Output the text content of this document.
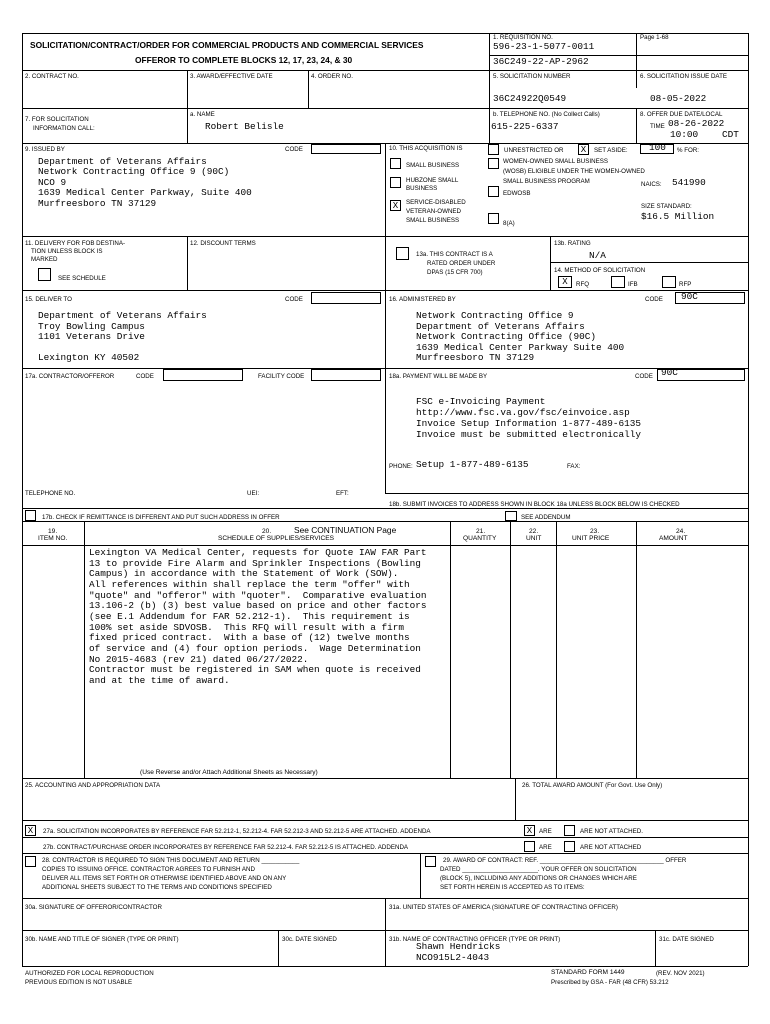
SOLICITATION/CONTRACT/ORDER FOR COMMERCIAL PRODUCTS AND COMMERCIAL SERVICES
OFFEROR TO COMPLETE BLOCKS 12, 17, 23, 24, & 30
1. REQUISITION NO.
596-23-1-5077-0011
Page 1-68
36C249-22-AP-2962
2. CONTRACT NO.	3. AWARD/EFFECTIVE DATE	4. ORDER NO.	5. SOLICITATION NUMBER
36C24922Q0549
6. SOLICITATION ISSUE DATE
08-05-2022
7. FOR SOLICITATION
INFORMATION CALL:
a. NAME
Robert Belisle
b. TELEPHONE NO. (No Collect Calls)
615-225-6337
8. OFFER DUE DATE/LOCAL
TIME 08-26-2022
10:00	CDT
9. ISSUED BY	CODE
Department of Veterans Affairs
Network Contracting Office 9 (90C)
NCO 9
1639 Medical Center Parkway, Suite 400
Murfreesboro TN 37129
10. THIS ACQUISITION IS	UNRESTRICTED OR	X	SET ASIDE: 100 % FOR:
SMALL BUSINESS
WOMEN-OWNED SMALL BUSINESS
(WOSB) ELIGIBLE UNDER THE WOMEN-OWNED
SMALL BUSINESS PROGRAM	NAICS: 541990
HUBZONE SMALL
BUSINESS
EDWOSB
X	SERVICE-DISABLED
VETERAN-OWNED
SMALL BUSINESS	8(A)
SIZE STANDARD:
$16.5 Million
11. DELIVERY FOR FOB DESTINA-
TION UNLESS BLOCK IS
MARKED
SEE SCHEDULE
12. DISCOUNT TERMS
13a. THIS CONTRACT IS A
RATED ORDER UNDER
DPAS (15 CFR 700)
13b. RATING
N/A
14. METHOD OF SOLICITATION
X	RFQ	IFB	RFP
15. DELIVER TO	CODE
Department of Veterans Affairs
Troy Bowling Campus
1101 Veterans Drive
Lexington KY 40502
16. ADMINISTERED BY	CODE 90C
Network Contracting Office 9
Department of Veterans Affairs
Network Contracting Office (90C)
1639 Medical Center Parkway Suite 400
Murfreesboro TN 37129
17a. CONTRACTOR/OFFEROR	CODE	FACILITY CODE	18a. PAYMENT WILL BE MADE BY	CODE 90C
FSC e-Invoicing Payment
http://www.fsc.va.gov/fsc/einvoice.asp
Invoice Setup Information 1-877-489-6135
Invoice must be submitted electronically
PHONE: Setup 1-877-489-6135	FAX:
TELEPHONE NO.	UEI:	EFT:
17b. CHECK IF REMITTANCE IS DIFFERENT AND PUT SUCH ADDRESS IN OFFER
18b. SUBMIT INVOICES TO ADDRESS SHOWN IN BLOCK 18a UNLESS BLOCK BELOW IS CHECKED
SEE ADDENDUM
19.
ITEM NO.
20.	See CONTINUATION Page
SCHEDULE OF SUPPLIES/SERVICES
21.
QUANTITY
22.
UNIT
23.
UNIT PRICE
24.
AMOUNT
Lexington VA Medical Center, requests for Quote IAW FAR Part
13 to provide Fire Alarm and Sprinkler Inspections (Bowling
Campus) in accordance with the Statement of Work (SOW).
All references within shall replace the term "offer" with
"quote" and "offeror" with "quoter".  Comparative evaluation
13.106-2 (b) (3) best value based on price and other factors
(see E.1 Addendum for FAR 52.212-1).  This requirement is
100% set aside SDVOSB.  This RFQ will result with a firm
fixed priced contract.  With a base of (12) twelve months
of service and (4) four option periods.  Wage Determination
No 2015-4683 (rev 21) dated 06/27/2022.
Contractor must be registered in SAM when quote is received
and at the time of award.
(Use Reverse and/or Attach Additional Sheets as Necessary)
25. ACCOUNTING AND APPROPRIATION DATA	26. TOTAL AWARD AMOUNT (For Govt. Use Only)
X	27a. SOLICITATION INCORPORATES BY REFERENCE FAR 52.212-1, 52.212-4. FAR 52.212-3 AND 52.212-5 ARE ATTACHED. ADDENDA	X	ARE	ARE NOT ATTACHED.
27b. CONTRACT/PURCHASE ORDER INCORPORATES BY REFERENCE FAR 52.212-4. FAR 52.212-5 IS ATTACHED. ADDENDA	ARE	ARE NOT ATTACHED
28. CONTRACTOR IS REQUIRED TO SIGN THIS DOCUMENT AND RETURN ___________
COPIES TO ISSUING OFFICE. CONTRACTOR AGREES TO FURNISH AND
DELIVER ALL ITEMS SET FORTH OR OTHERWISE IDENTIFIED ABOVE AND ON ANY
ADDITIONAL SHEETS SUBJECT TO THE TERMS AND CONDITIONS SPECIFIED
29. AWARD OF CONTRACT: REF. ____________________________________ OFFER
DATED ______________________. YOUR OFFER ON SOLICITATION
(BLOCK 5), INCLUDING ANY ADDITIONS OR CHANGES WHICH ARE
SET FORTH HEREIN IS ACCEPTED AS TO ITEMS:
30a. SIGNATURE OF OFFEROR/CONTRACTOR	31a. UNITED STATES OF AMERICA (SIGNATURE OF CONTRACTING OFFICER)
30b. NAME AND TITLE OF SIGNER (TYPE OR PRINT)	30c. DATE SIGNED	31b. NAME OF CONTRACTING OFFICER (TYPE OR PRINT)	31c. DATE SIGNED
Shawn Hendricks
NCO915L2-4043
AUTHORIZED FOR LOCAL REPRODUCTION
PREVIOUS EDITION IS NOT USABLE
STANDARD FORM 1449	(REV. NOV 2021)
Prescribed by GSA - FAR (48 CFR) 53.212
